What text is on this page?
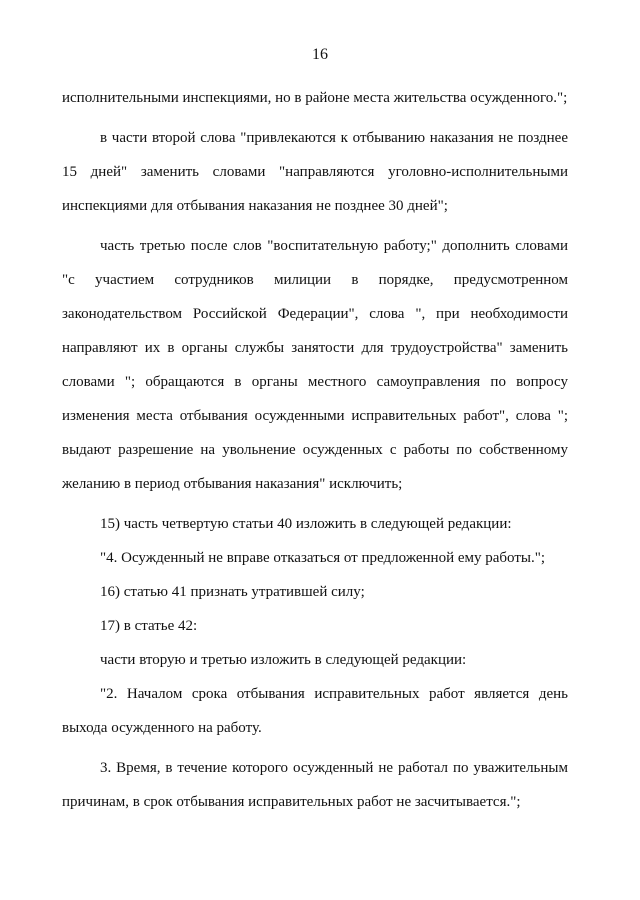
16

исполнительными инспекциями, но в районе места жительства осужденного.";

в части второй слова "привлекаются к отбыванию наказания не позднее 15 дней" заменить словами "направляются уголовно-исполнительными инспекциями для отбывания наказания не позднее 30 дней";

часть третью после слов "воспитательную работу;" дополнить словами "с участием сотрудников милиции в порядке, предусмотренном законодательством Российской Федерации", слова ", при необходимости направляют их в органы службы занятости для трудоустройства" заменить словами "; обращаются в органы местного самоуправления по вопросу изменения места отбывания осужденными исправительных работ", слова "; выдают разрешение на увольнение осужденных с работы по собственному желанию в период отбывания наказания" исключить;

15) часть четвертую статьи 40 изложить в следующей редакции:

"4. Осужденный не вправе отказаться от предложенной ему работы.";

16) статью 41 признать утратившей силу;

17) в статье 42:

части вторую и третью изложить в следующей редакции:

"2. Началом срока отбывания исправительных работ является день выхода осужденного на работу.

3. Время, в течение которого осужденный не работал по уважительным причинам, в срок отбывания исправительных работ не засчитывается.";
